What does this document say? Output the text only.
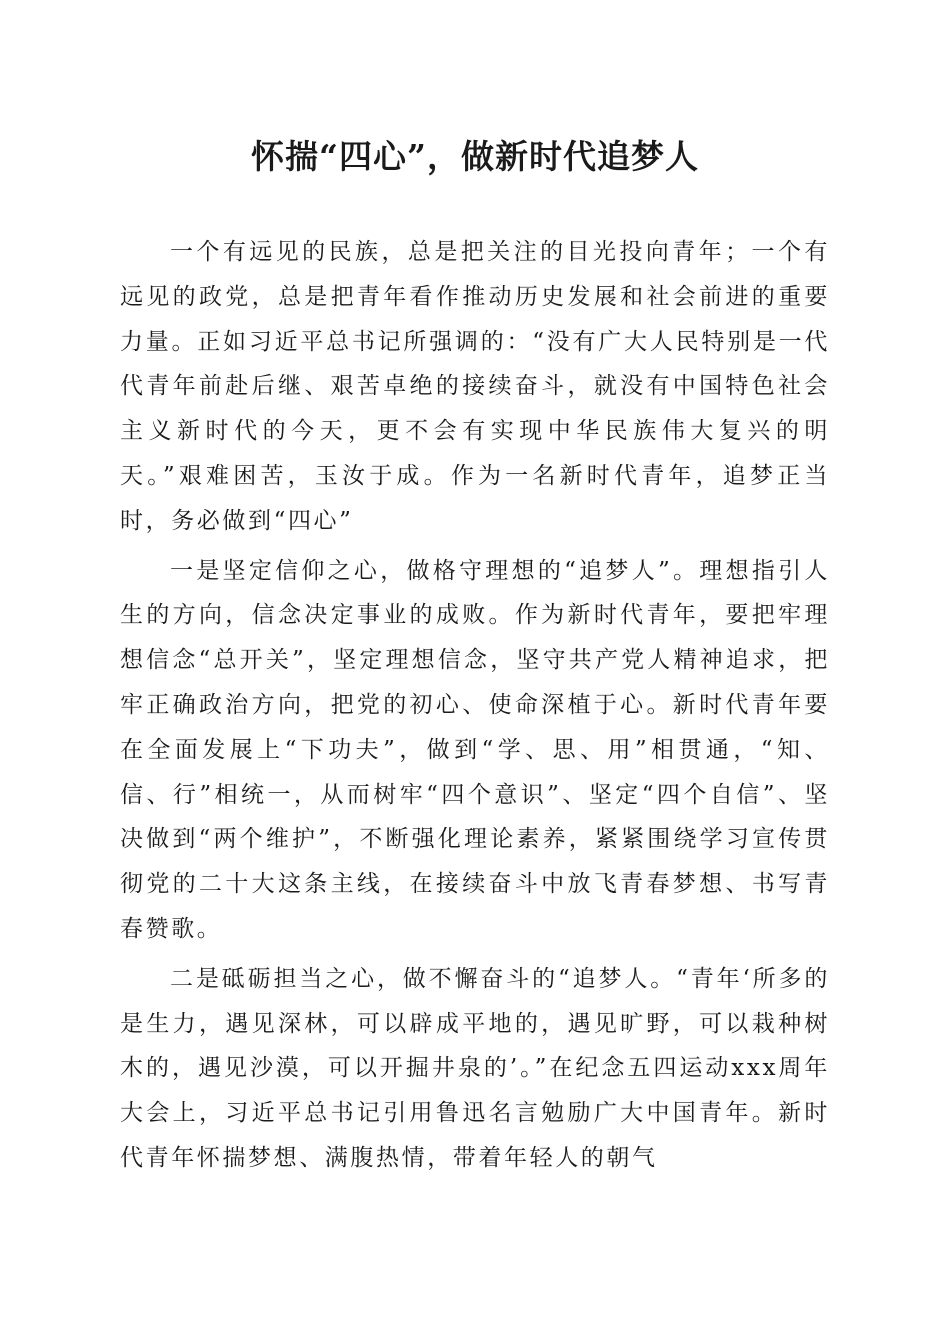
怀揣“四心”，做新时代追梦人

一个有远见的民族，总是把关注的目光投向青年；一个有远见的政党，总是把青年看作推动历史发展和社会前进的重要力量。正如习近平总书记所强调的：“没有广大人民特别是一代代青年前赴后继、艰苦卓绝的接续奋斗，就没有中国特色社会主义新时代的今天，更不会有实现中华民族伟大复兴的明天。”艰难困苦，玉汝于成。作为一名新时代青年，追梦正当时，务必做到“四心”

一是坚定信仰之心，做格守理想的“追梦人”。理想指引人生的方向，信念决定事业的成败。作为新时代青年，要把牢理想信念“总开关”，坚定理想信念，坚守共产党人精神追求，把牢正确政治方向，把党的初心、使命深植于心。新时代青年要在全面发展上“下功夫”，做到“学、思、用”相贯通，“知、信、行”相统一，从而树牢“四个意识”、坚定“四个自信”、坚决做到“两个维护”，不断强化理论素养，紧紧围绕学习宣传贯彻党的二十大这条主线，在接续奋斗中放飞青春梦想、书写青春赞歌。

二是砥砺担当之心，做不懈奋斗的“追梦人。“青年‘所多的是生力，遇见深林，可以辟成平地的，遇见旷野，可以栽种树木的，遇见沙漠，可以开掘井泉的’。”在纪念五四运动xxx周年大会上，习近平总书记引用鲁迅名言勉励广大中国青年。新时代青年怀揣梦想、满腹热情，带着年轻人的朝气
